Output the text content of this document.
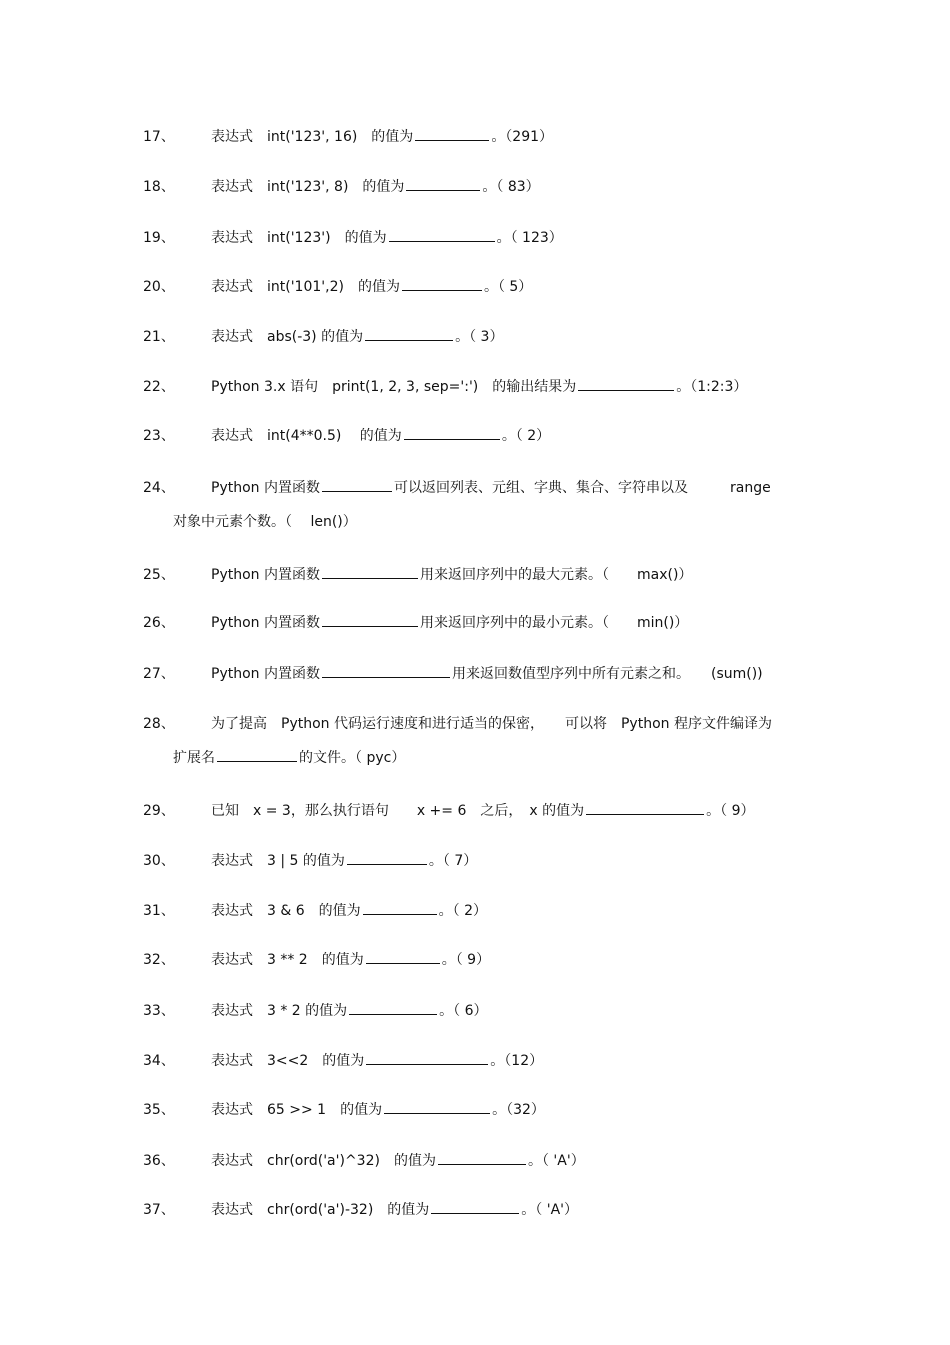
17、	表达式　int('123', 16)　的值为	。（291）
18、	表达式　int('123', 8)　的值为	。（ 83）
19、	表达式　int('123')　的值为	。（ 123）
20、	表达式　int('101',2)　的值为	。（ 5）
21、	表达式　abs(-3) 的值为	。（ 3）
22、	Python 3.x 语句　print(1, 2, 3, sep=':')　的输出结果为	。（1:2:3）
23、	表达式　int(4**0.5)　 的值为	。（ 2）
24、	Python 内置函数	可以返回列表、元组、字典、集合、字符串以及　　　range
对象中元素个数。（　 len()）
25、	Python 内置函数	用来返回序列中的最大元素。（　　max()）
26、	Python 内置函数	用来返回序列中的最小元素。（　　min()）
27、	Python 内置函数	用来返回数值型序列中所有元素之和。　　(sum())
28、	为了提高　Python 代码运行速度和进行适当的保密，　　可以将　Python 程序文件编译为
扩展名	的文件。（ pyc）
29、	已知　x = 3，那么执行语句　　x += 6　之后，　x 的值为	。（ 9）
30、	表达式　3 | 5 的值为	。（ 7）
31、	表达式　3 & 6　的值为	。（ 2）
32、	表达式　3 ** 2　的值为	。（ 9）
33、	表达式　3 * 2 的值为	。（ 6）
34、	表达式　3<<2　的值为	。（12）
35、	表达式　65 >> 1　的值为	。（32）
36、	表达式　chr(ord('a')^32)　的值为	。（ 'A'）
37、	表达式　chr(ord('a')-32)　的值为	。（ 'A'）
